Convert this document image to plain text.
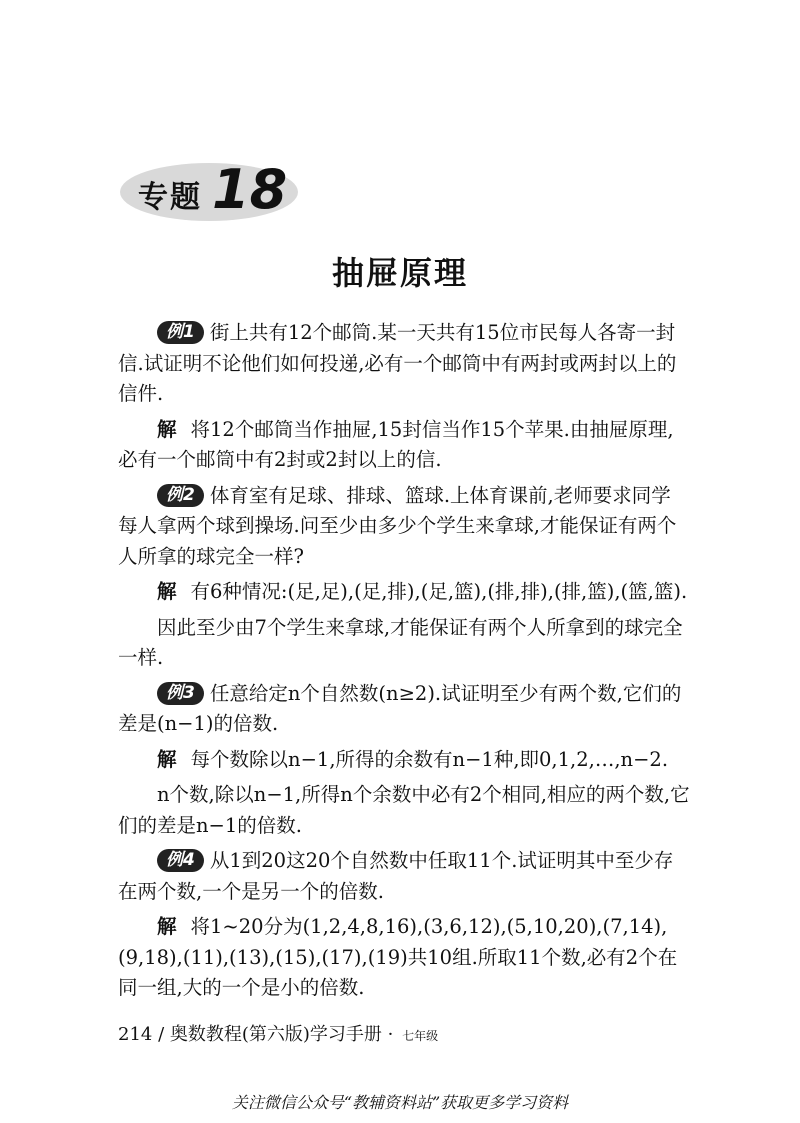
专题 18
抽屉原理

例1 街上共有12个邮筒.某一天共有15位市民每人各寄一封信.试证明不论他们如何投递,必有一个邮筒中有两封或两封以上的信件.

解 将12个邮筒当作抽屉,15封信当作15个苹果.由抽屉原理,必有一个邮筒中有2封或2封以上的信.

例2 体育室有足球、排球、篮球.上体育课前,老师要求同学每人拿两个球到操场.问至少由多少个学生来拿球,才能保证有两个人所拿的球完全一样?

解 有6种情况:(足,足),(足,排),(足,篮),(排,排),(排,篮),(篮,篮).

因此至少由7个学生来拿球,才能保证有两个人所拿到的球完全一样.

例3 任意给定n个自然数(n≥2).试证明至少有两个数,它们的差是(n−1)的倍数.

解 每个数除以n−1,所得的余数有n−1种,即0,1,2,…,n−2.

n个数,除以n−1,所得n个余数中必有2个相同,相应的两个数,它们的差是n−1的倍数.

例4 从1到20这20个自然数中任取11个.试证明其中至少存在两个数,一个是另一个的倍数.

解 将1~20分为(1,2,4,8,16),(3,6,12),(5,10,20),(7,14),(9,18),(11),(13),(15),(17),(19)共10组.所取11个数,必有2个在同一组,大的一个是小的倍数.

214 / 奥数教程(第六版)学习手册 · 七年级
关注微信公众号“教辅资料站”获取更多学习资料
